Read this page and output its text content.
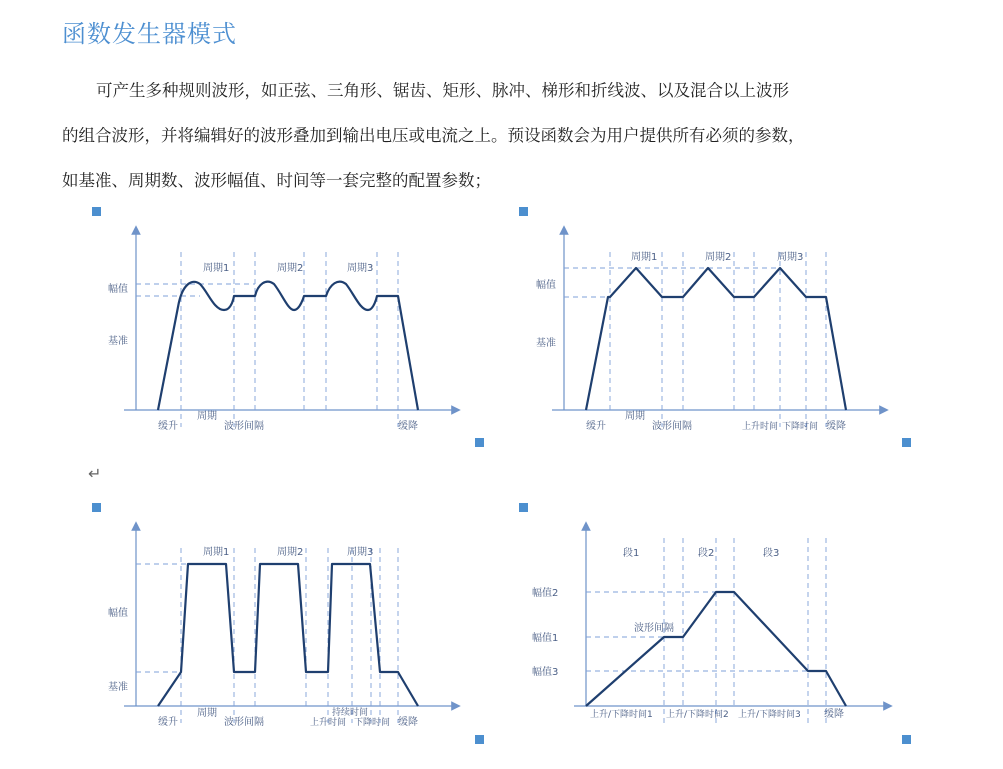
函数发生器模式
可产生多种规则波形，如正弦、三角形、锯齿、矩形、脉冲、梯形和折线波、以及混合以上波形
的组合波形，并将编辑好的波形叠加到输出电压或电流之上。预设函数会为用户提供所有必须的参数，
如基准、周期数、波形幅值、时间等一套完整的配置参数；
↵
幅值
基准
周期1	周期2	周期3
缓升
周期
波形间隔	缓降
幅值
基准
周期1	周期2	周期3
缓升
周期
波形间隔	上升时间 下降时间 缓降
幅值
基准
周期1	周期2	周期3
缓升
周期
波形间隔
持续时间
上升时间 下降时间 缓降
段1	段2	段3
幅值2
幅值1
幅值3
波形间隔
上升/下降时间1 上升/下降时间2 上升/下降时间3 缓降
